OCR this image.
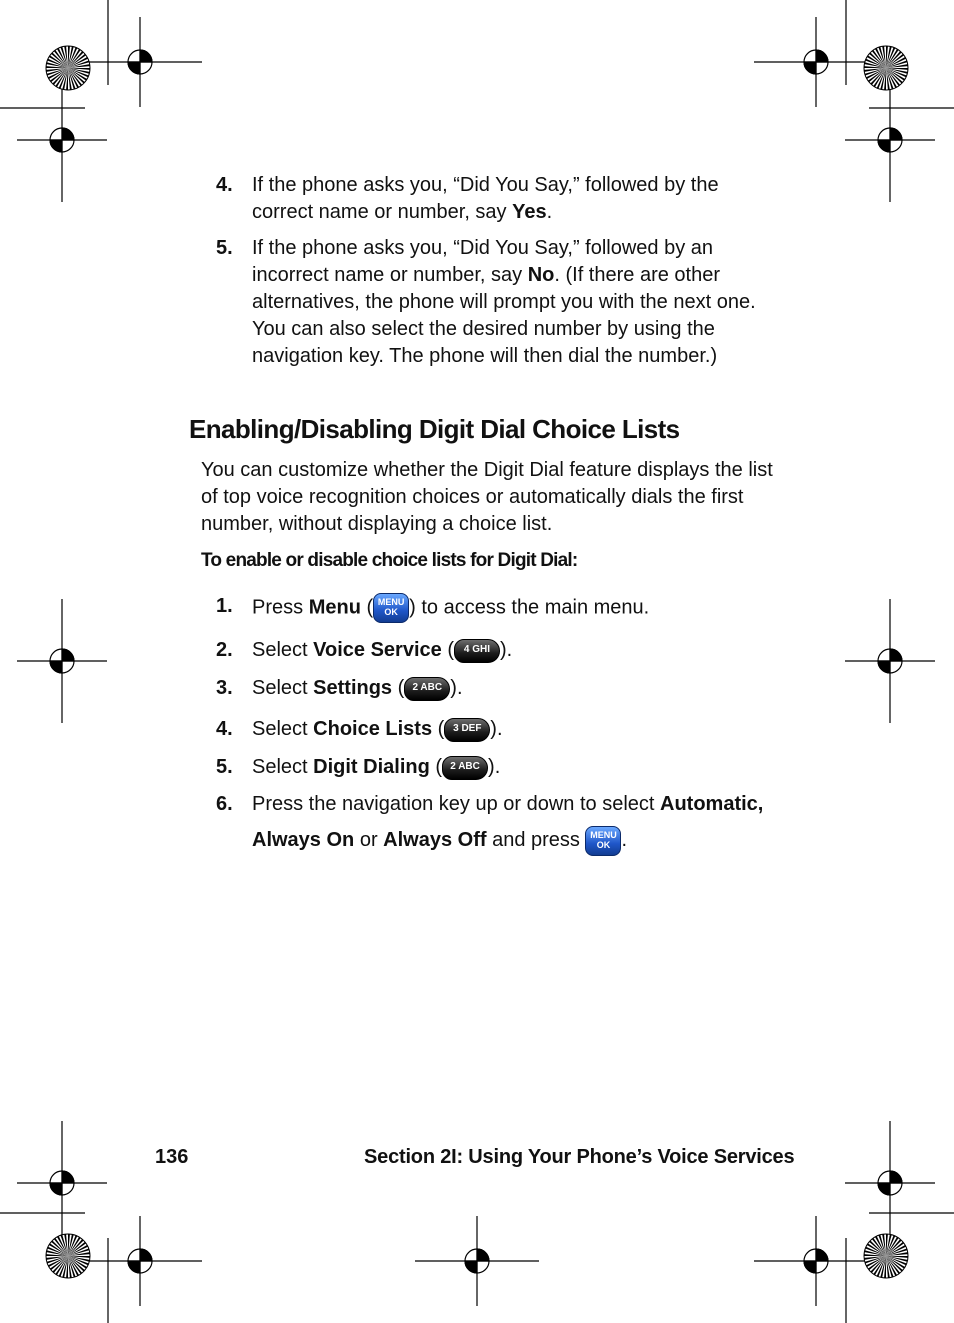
4. If the phone asks you, “Did You Say,” followed by the correct name or number, say Yes.
5. If the phone asks you, “Did You Say,” followed by an incorrect name or number, say No. (If there are other alternatives, the phone will prompt you with the next one. You can also select the desired number by using the navigation key. The phone will then dial the number.)
Enabling/Disabling Digit Dial Choice Lists
You can customize whether the Digit Dial feature displays the list of top voice recognition choices or automatically dials the first number, without displaying a choice list.
To enable or disable choice lists for Digit Dial:
1. Press Menu ( MENU
OK ) to access the main menu.
2. Select Voice Service ( 4 GHI ).
3. Select Settings ( 2 ABC ).
4. Select Choice Lists ( 3 DEF ).
5. Select Digit Dialing ( 2 ABC ).
6. Press the navigation key up or down to select Automatic,
Always On or Always Off and press MENU
OK .
136	Section 2I: Using Your Phone’s Voice Services
